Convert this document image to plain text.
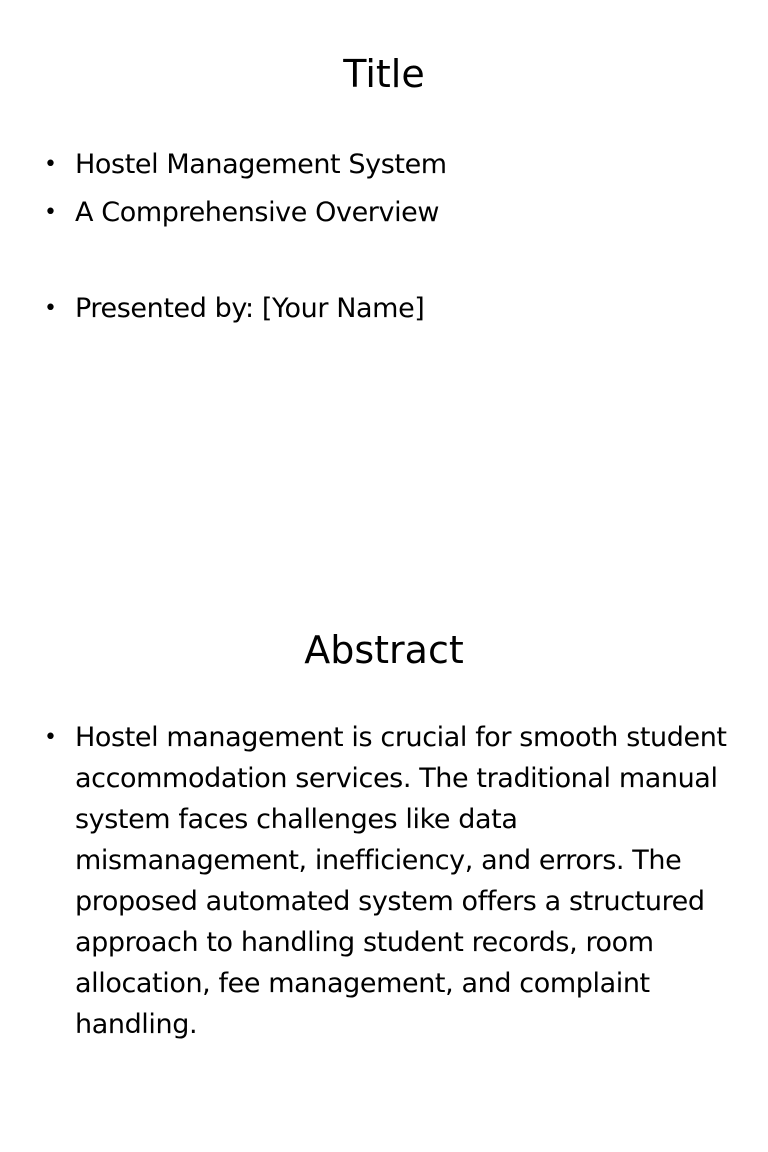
Title
• Hostel Management System
• A Comprehensive Overview
• Presented by: [Your Name]
Abstract
• Hostel management is crucial for smooth student accommodation services. The traditional manual system faces challenges like data mismanagement, inefficiency, and errors. The proposed automated system offers a structured approach to handling student records, room allocation, fee management, and complaint handling.
